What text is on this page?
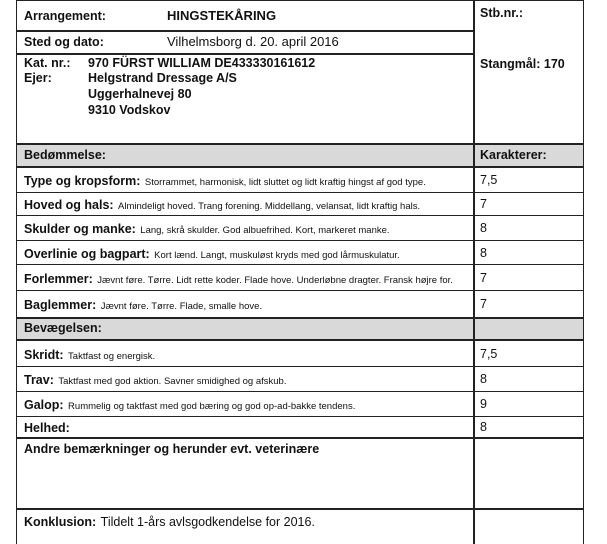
Arrangement:	HINGSTEKÅRING	Stb.nr.:
Sted og dato:	Vilhelmsborg d. 20. april 2016
Kat. nr.: 970 FÜRST WILLIAM DE433330161612
Ejer:	Helgstrand Dressage A/S
Uggerhalnevej 80
9310 Vodskov
Stangmål: 170
Bedømmelse:	Karakterer:
Type og kropsform: Storrammet, harmonisk, lidt sluttet og lidt kraftig hingst af god type.	7,5
Hoved og hals: Almindeligt hoved. Trang forening. Middellang, velansat, lidt kraftig hals.	7
Skulder og manke: Lang, skrå skulder. God albuefrihed. Kort, markeret manke.	8
Overlinie og bagpart: Kort lænd. Langt, muskuløst kryds med god lårmuskulatur.	8
Forlemmer: Jævnt føre. Tørre. Lidt rette koder. Flade hove. Underløbne dragter. Fransk højre for. 7
Baglemmer: Jævnt føre. Tørre. Flade, smalle hove.	7
Bevægelsen:
Skridt: Taktfast og energisk.	7,5
Trav: Taktfast med god aktion. Savner smidighed og afskub.	8
Galop: Rummelig og taktfast med god bæring og god op-ad-bakke tendens.	9
Helhed:	8
Andre bemærkninger og herunder evt. veterinære
Konklusion: Tildelt 1-års avlsgodkendelse for 2016.
